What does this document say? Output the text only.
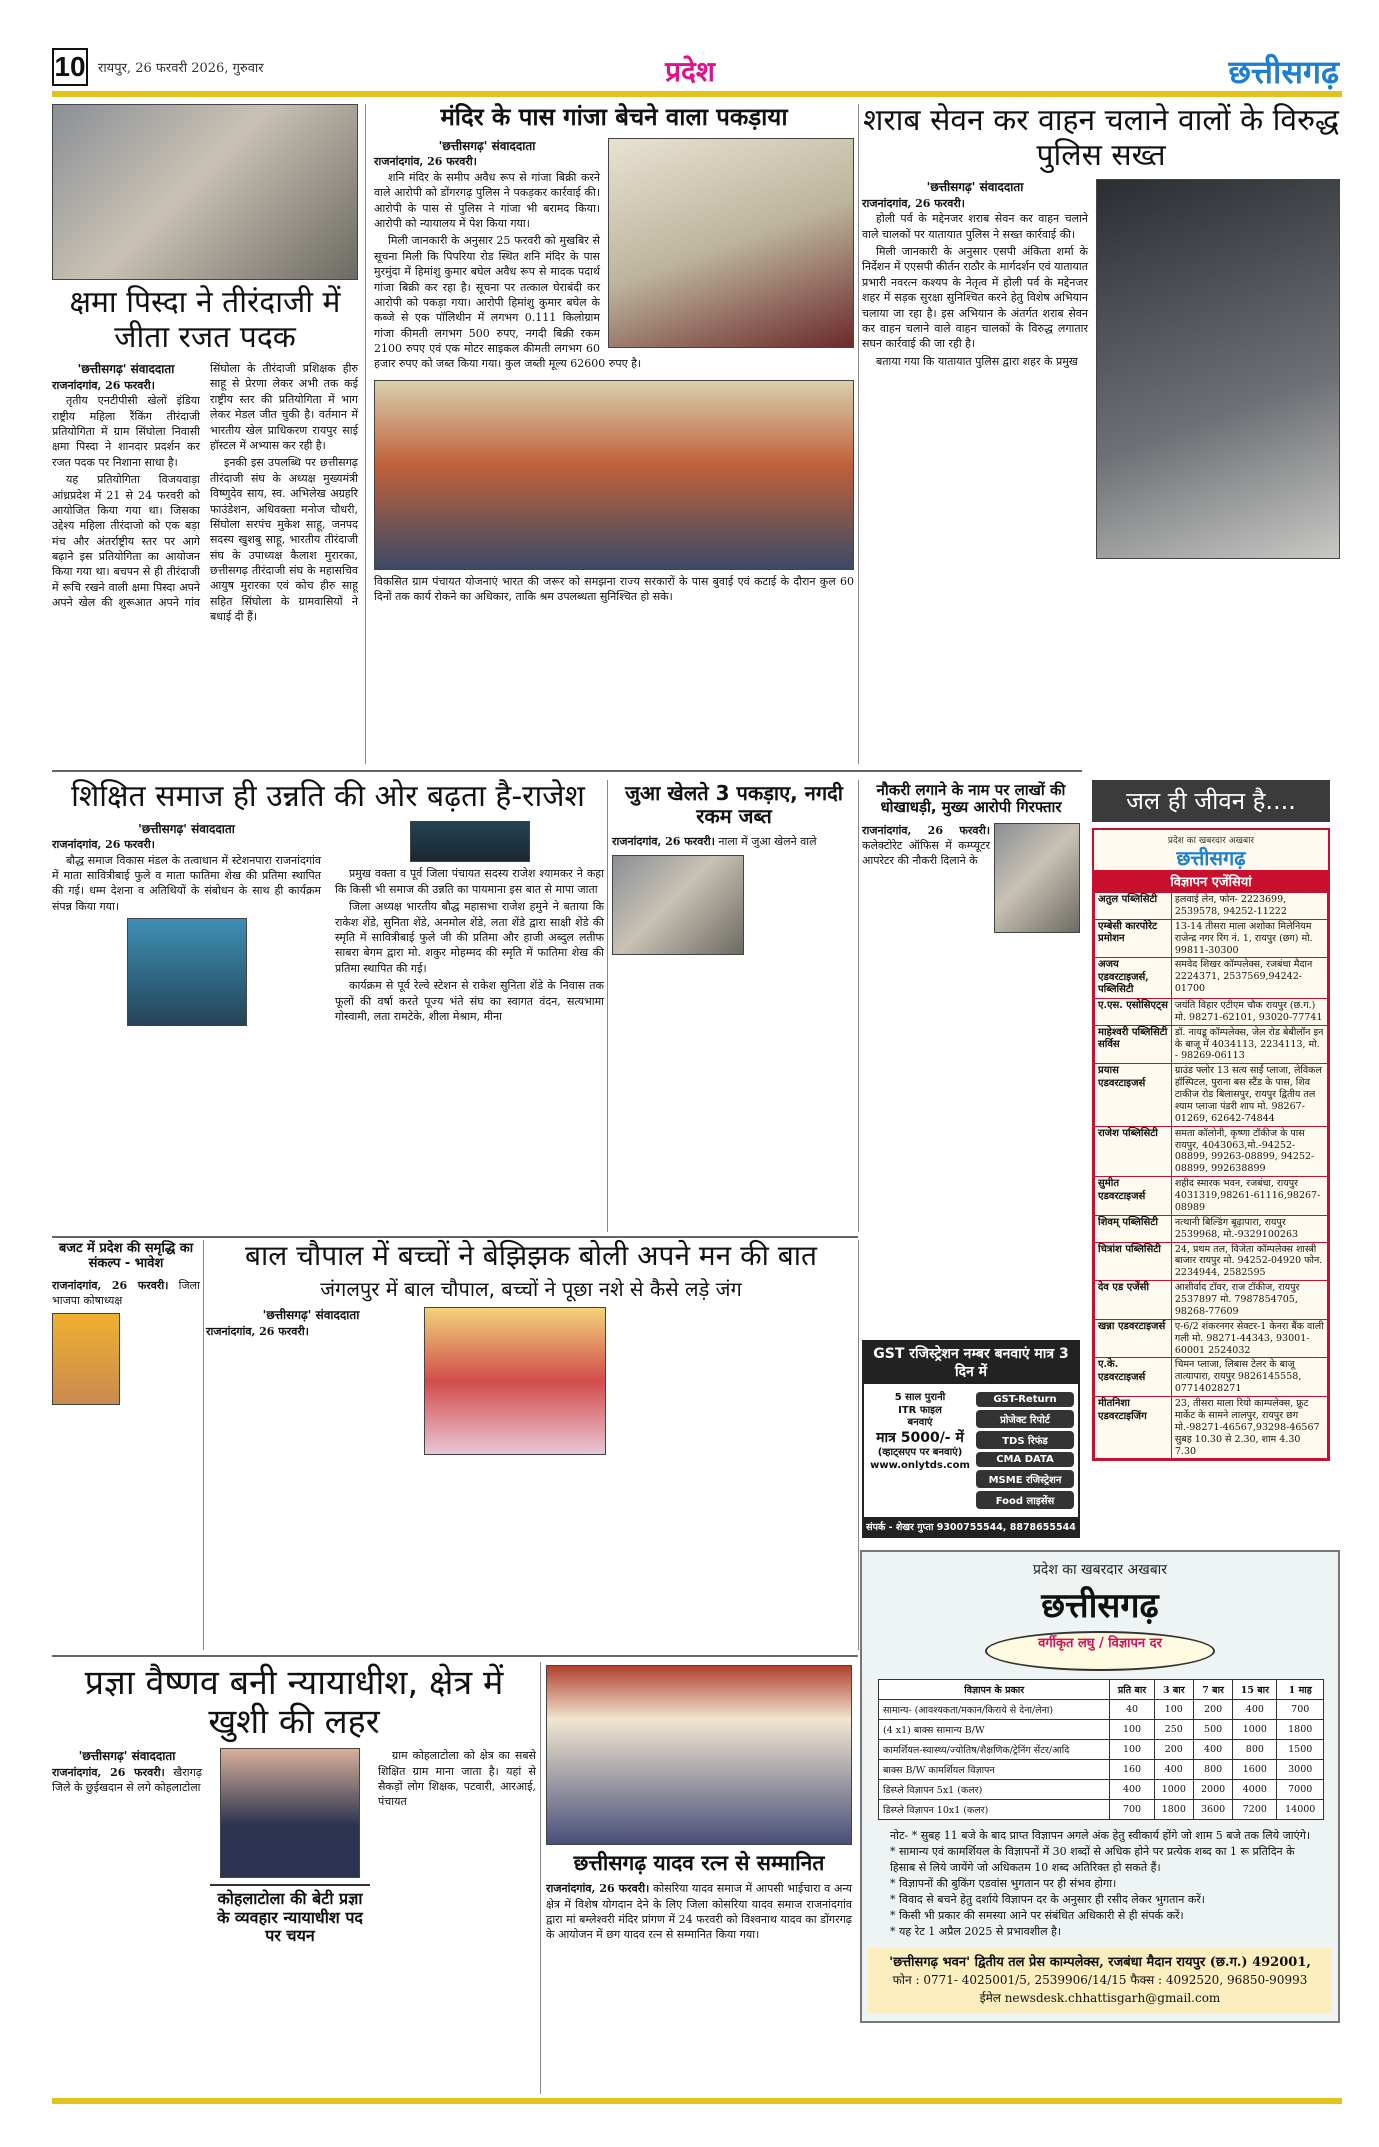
10 रायपुर, 26 फरवरी 2026, गुरुवार	प्रदेश	छत्तीसगढ़
क्षमा पिस्दा ने तीरंदाजी में जीता रजत पदक
'छत्तीसगढ़' संवाददाता
राजनांदगांव, 26 फरवरी।

तृतीय एनटीपीसी खेलों इंडिया राष्ट्रीय महिला रैंकिंग तीरंदाजी प्रतियोगिता में ग्राम सिंघोला निवासी क्षमा पिस्दा ने शानदार प्रदर्शन कर रजत पदक पर निशाना साधा है।

यह प्रतियोगिता विजयवाड़ा आंध्रप्रदेश में 21 से 24 फरवरी को आयोजित किया गया था। जिसका उद्देश्य महिला तीरंदाजो को एक बड़ा मंच और अंतर्राष्ट्रीय स्तर पर आगे बढ़ाने इस प्रतियोगिता का आयोजन किया गया था। बचपन से ही तीरंदाजी में रूचि रखने वाली क्षमा पिस्दा अपने अपने खेल की शुरूआत अपने गांव सिंघोला के तीरंदाजी प्रशिक्षक हीरु साहू से प्रेरणा लेकर अभी तक कई राष्ट्रीय स्तर की प्रतियोगिता में भाग लेकर मेडल जीत चुकी है। वर्तमान में भारतीय खेल प्राधिकरण रायपुर साई हॉस्टल में अभ्यास कर रही है।

इनकी इस उपलब्धि पर छत्तीसगढ़ तीरंदाजी संघ के अध्यक्ष मुख्यमंत्री विष्णुदेव साय, स्व. अभिलेख अग्रहरि फाउंडेशन, अधिवक्ता मनोज चौधरी, सिंघोला सरपंच मुकेश साहू, जनपद सदस्य खुशबु साहू, भारतीय तीरंदाजी संघ के उपाध्यक्ष कैलाश मुरारका, छत्तीसगढ़ तीरंदाजी संघ के महासचिव आयुष मुरारका एवं कोच हीरु साहू सहित सिंघोला के ग्रामवासियों ने बधाई दी हैं।

मंदिर के पास गांजा बेचने वाला पकड़ाया
'छत्तीसगढ़' संवाददाता
राजनांदगांव, 26 फरवरी।

शनि मंदिर के समीप अवैध रूप से गांजा बिक्री करने वाले आरोपी को डोंगरगढ़ पुलिस ने पकड़कर कार्रवाई की। आरोपी के पास से पुलिस ने गांजा भी बरामद किया। आरोपी को न्यायालय में पेश किया गया।

मिली जानकारी के अनुसार 25 फरवरी को मुखबिर से सूचना मिली कि पिपरिया रोड स्थित शनि मंदिर के पास मुरमुंदा में हिमांशु कुमार बघेल अवैध रूप से मादक पदार्थ गांजा बिक्री कर रहा है। सूचना पर तत्काल घेराबंदी कर आरोपी को पकड़ा गया। आरोपी हिमांशु कुमार बघेल के कब्जे से एक पॉलिथीन में लगभग 0.111 किलोग्राम गांजा कीमती लगभग 500 रुपए, नगदी बिक्री रकम 2100 रुपए एवं एक मोटर साइकल कीमती लगभग 60 हजार रुपए को जब्त किया गया। कुल जब्ती मूल्य 62600 रुपए है।

विकसित ग्राम पंचायत योजनाएं भारत की जरूर को समझना राज्य सरकारों के पास बुवाई एवं कटाई के दौरान कुल 60 दिनों तक कार्य रोकने का अधिकार, ताकि श्रम उपलब्धता सुनिश्चित हो सके।
शराब सेवन कर वाहन चलाने वालों के विरुद्ध पुलिस सख्त
'छत्तीसगढ़' संवाददाता
राजनांदगांव, 26 फरवरी।

होली पर्व के मद्देनजर शराब सेवन कर वाहन चलाने वाले चालकों पर यातायात पुलिस ने सख्त कार्रवाई की।

मिली जानकारी के अनुसार एसपी अंकिता शर्मा के निर्देशन में एएसपी कीर्तन राठौर के मार्गदर्शन एवं यातायात प्रभारी नवरत्न कश्यप के नेतृत्व में होली पर्व के मद्देनजर शहर में सड़क सुरक्षा सुनिश्चित करने हेतु विशेष अभियान चलाया जा रहा है। इस अभियान के अंतर्गत शराब सेवन कर वाहन चलाने वाले वाहन चालकों के विरुद्ध लगातार सघन कार्रवाई की जा रही है।

बताया गया कि यातायात पुलिस द्वारा शहर के प्रमुख

शिक्षित समाज ही उन्नति की ओर बढ़ता है-राजेश
'छत्तीसगढ़' संवाददाता
राजनांदगांव, 26 फरवरी।

बौद्ध समाज विकास मंडल के तत्वाधान में स्टेशनपारा राजनांदगांव में माता सावित्रीबाई फुले व माता फातिमा शेख की प्रतिमा स्थापित की गई। धम्म देशना व अतिथियों के संबोधन के साथ ही कार्यक्रम संपन्न किया गया।

प्रमुख वक्ता व पूर्व जिला पंचायत सदस्य राजेश श्यामकर ने कहा कि किसी भी समाज की उन्नति का पायमाना इस बात से मापा जाता

जिला अध्यक्ष भारतीय बौद्ध महासभा राजेश हमुने ने बताया कि राकेश शेंडे, सुनिता शेंडे, अनमोल शेंडे, लता शेंडे द्वारा साक्षी शेंडे की स्मृति में सावित्रीबाई फुले जी की प्रतिमा और हाजी अब्दुल लतीफ साबरा बेगम द्वारा मो. शकुर मोहम्मद की स्मृति में फातिमा शेख की प्रतिमा स्थापित की गई।

कार्यक्रम से पूर्व रेल्वे स्टेशन से राकेश सुनिता शेंडे के निवास तक फूलों की वर्षा करते पूज्य भंते संघ का स्वागत वंदन, सत्यभामा गोस्वामी, लता रामटेके, शीला मेश्राम, मीना

जुआ खेलते 3 पकड़ाए, नगदी रकम जब्त
राजनांदगांव, 26 फरवरी। नाला में जुआ खेलने वाले
नौकरी लगाने के नाम पर लाखों की धोखाधड़ी, मुख्य आरोपी गिरफ्तार
राजनांदगांव, 26 फरवरी। कलेक्टोरेट ऑफिस में कम्प्यूटर आपरेटर की नौकरी दिलाने के
जल ही जीवन है....
प्रदेश का खबरदार अखबार
छत्तीसगढ़
विज्ञापन एजेंसियां
अतुल पब्लिसिटी	हलवाई लेन, फोन- 2223699, 2539578, 94252-11222
एम्बेसी कारपोरेट प्रमोशन	13-14 तीसरा माला अशोका मिलेनियम राजेन्द्र नगर रिंग नं. 1, रायपुर (छग) मो. 99811-30300
अजय एडवरटाइजर्स, पब्लिसिटी	समवेद शिखर कॉम्पलेक्स, रजबंधा मैदान 2224371, 2537569,94242-01700
ए.एस. एसोसिएट्स	जयंति विहार एटीएम चौक रायपुर (छ.ग.) मो. 98271-62101, 93020-77741
माहेश्वरी पब्लिसिटी सर्विस	डॉ. नायडू कॉम्पलेक्स, जेल रोड बेबीलॉन इन के बाजू में 4034113, 2234113, मो. - 98269-06113
प्रयास एडवरटाइजर्स	ग्राउंड फ्लोर 13 सत्य साईं प्लाजा, लेविकल हॉस्पिटल, पुराना बस स्टैंड के पास, शिव टाकीज रोड बिलासपुर, रायपुर द्वितीय तल श्याम प्लाजा पंडरी शाप मो. 98267-01269, 62642-74844
राजेश पब्लिसिटी	समता कॉलोनी, कृष्णा टॉकीज के पास रायपुर, 4043063,मो.-94252-08899, 99263-08899, 94252-08899, 992638899
सुमीत एडवरटाइजर्स	शहीद स्मारक भवन, रजबंधा, रायपुर 4031319,98261-61116,98267-08989
शिवम् पब्लिसिटी	नत्थानी बिल्डिंग बूढ़ापारा, रायपुर 2539968, मो.-9329100263
चित्रांश पब्लिसिटी	24, प्रथम तल, विजेता कॉम्पलेक्स शास्त्री बाजार रायपुर मो. 94252-04920 फोन. 2234944, 2582595
देव एड एजेंसी	आशीर्वाद टॉवर, राज टॉकीज, रायपुर 2537897 मो. 7987854705, 98268-77609
खन्ना एडवरटाइजर्स	ए-6/2 शंकरनगर सेक्टर-1 केनरा बैंक वाली गली मो. 98271-44343, 93001-60001 2524032
ए.के. एडवरटाइजर्स	चिमन प्लाजा, लिबास टेलर के बाजू तात्यापारा, रायपुर 9826145558, 07714028271
मीतनिशा एडवरटाइजिंग	23, तीसरा माला रियो काम्पलेक्स, फ्रूट मार्केट के सामने लालपुर, रायपुर छग मो.-98271-46567,93298-46567 सुबह 10.30 से 2.30, शाम 4.30 7.30
बजट में प्रदेश की समृद्धि का संकल्प - भावेश
राजनांदगांव, 26 फरवरी। जिला भाजपा कोषाध्यक्ष
बाल चौपाल में बच्चों ने बेझिझक बोली अपने मन की बात
जंगलपुर में बाल चौपाल, बच्चों ने पूछा नशे से कैसे लड़े जंग
'छत्तीसगढ़' संवाददाता
राजनांदगांव, 26 फरवरी।
GST रजिस्ट्रेशन नम्बर बनवाएं मात्र 3 दिन में
5 साल पुरानी
ITR फाइल
बनवाएं
मात्र 5000/- में
(व्हाट्सएप पर बनवाएं)
www.onlytds.com
GST-Return
प्रोजेक्ट रिपोर्ट
TDS रिफंड
CMA DATA
MSME रजिस्ट्रेशन
Food लाइसेंस
संपर्क - शेखर गुप्ता 9300755544, 8878655544
प्रदेश का खबरदार अखबार
छत्तीसगढ़
वर्गीकृत लघु / विज्ञापन दर
विज्ञापन के प्रकार	प्रति बार	3 बार	7 बार	15 बार	1 माह
सामान्य- (आवश्यकता/मकान/किराये से देना/लेना)	40	100	200	400	700
(4 x1) बाक्स सामान्य B/W	100	250	500	1000	1800
कामर्शियल-स्वास्थ्य/ज्योतिष/शैक्षणिक/ट्रेनिंग सेंटर/आदि	100	200	400	800	1500
बाक्स B/W कामर्शियल विज्ञापन	160	400	800	1600	3000
डिस्प्ले विज्ञापन 5x1 (कलर)	400	1000	2000	4000	7000
डिस्प्ले विज्ञापन 10x1 (कलर)	700	1800	3600	7200	14000
नोट- * सुबह 11 बजे के बाद प्राप्त विज्ञापन अगले अंक हेतु स्वीकार्य होंगे जो शाम 5 बजे तक लिये जाएंगे।
* सामान्य एवं कामर्शियल के विज्ञापनों में 30 शब्दों से अधिक होने पर प्रत्येक शब्द का 1 रू प्रतिदिन के हिसाब से लिये जायेंगे जो अधिकतम 10 शब्द अतिरिक्त हो सकते हैं।
* विज्ञापनों की बुकिंग एडवांस भुगतान पर ही संभव होगा।
* विवाद से बचने हेतु दर्शाये विज्ञापन दर के अनुसार ही रसीद लेकर भुगतान करें।
* किसी भी प्रकार की समस्या आने पर संबंधित अधिकारी से ही संपर्क करें।
* यह रेट 1 अप्रैल 2025 से प्रभावशील है।
'छत्तीसगढ़ भवन' द्वितीय तल प्रेस काम्पलेक्स, रजबंधा मैदान रायपुर (छ.ग.) 492001,
फोन : 0771- 4025001/5, 2539906/14/15 फैक्स : 4092520, 96850-90993
ईमेल newsdesk.chhattisgarh@gmail.com
प्रज्ञा वैष्णव बनी न्यायाधीश, क्षेत्र में खुशी की लहर
'छत्तीसगढ़' संवाददाता
राजनांदगांव, 26 फरवरी। खैरागढ़ जिले के छुईखदान से लगे कोहलाटोला
कोहलाटोला की बेटी प्रज्ञा के व्यवहार न्यायाधीश पद पर चयन

ग्राम कोहलाटोला को क्षेत्र का सबसे शिक्षित ग्राम माना जाता है। यहां से सैकड़ों लोग शिक्षक, पटवारी, आरआई, पंचायत

छत्तीसगढ़ यादव रत्न से सम्मानित
राजनांदगांव, 26 फरवरी। कोसरिया यादव समाज में आपसी भाईचारा व अन्य क्षेत्र में विशेष योगदान देने के लिए जिला कोसरिया यादव समाज राजनांदगांव द्वारा मां बम्लेश्वरी मंदिर प्रांगण में 24 फरवरी को विश्वनाथ यादव का डोंगरगढ़ के आयोजन में छग यादव रत्न से सम्मानित किया गया।
